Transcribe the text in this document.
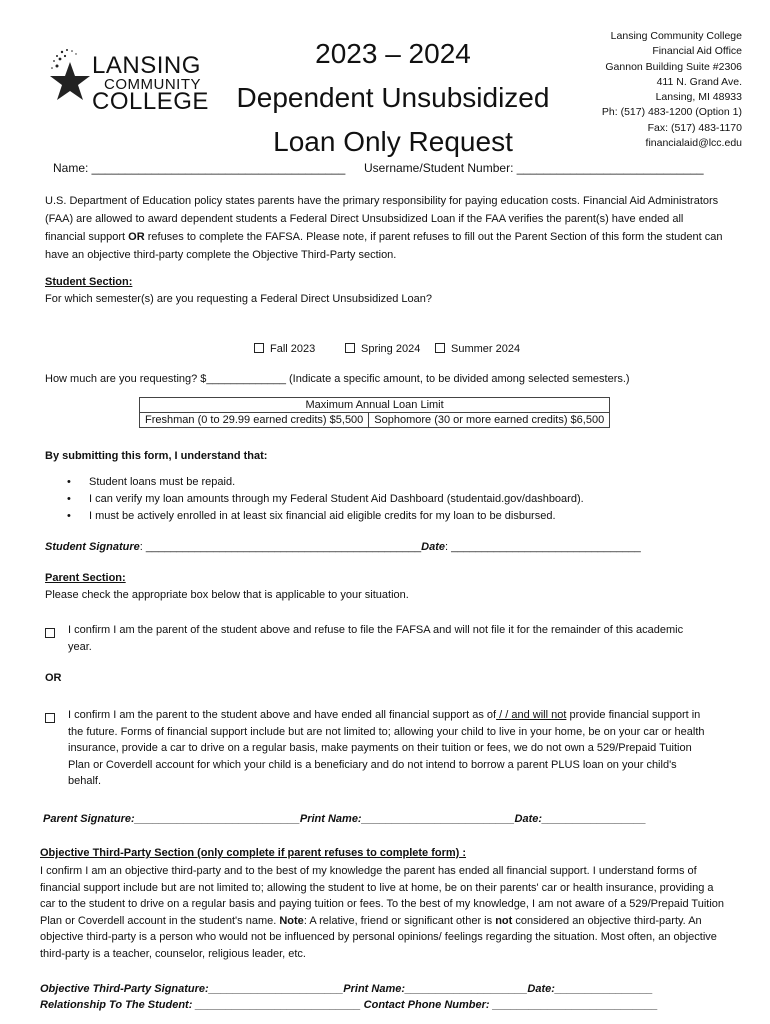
LANSING
COMMUNITY
COLLEGE
2023 – 2024
Dependent Unsubsidized
Loan Only Request
Lansing Community College
Financial Aid Office
Gannon Building Suite #2306
411 N. Grand Ave.
Lansing, MI 48933
Ph: (517) 483-1200 (Option 1)
Fax: (517) 483-1170
financialaid@lcc.edu
Name: ______________________________________ Username/Student Number: ____________________________
U.S. Department of Education policy states parents have the primary responsibility for paying education costs. Financial Aid Administrators (FAA) are allowed to award dependent students a Federal Direct Unsubsidized Loan if the FAA verifies the parent(s) have ended all financial support OR refuses to complete the FAFSA. Please note, if parent refuses to fill out the Parent Section of this form the student can have an objective third-party complete the Objective Third-Party section.
Student Section:
For which semester(s) are you requesting a Federal Direct Unsubsidized Loan?
Fall 2023	Spring 2024	Summer 2024
How much are you requesting? $_____________ (Indicate a specific amount, to be divided among selected semesters.)
Maximum Annual Loan Limit
Freshman (0 to 29.99 earned credits) $5,500	Sophomore (30 or more earned credits) $6,500
By submitting this form, I understand that:
• Student loans must be repaid.
• I can verify my loan amounts through my Federal Student Aid Dashboard (studentaid.gov/dashboard).
• I must be actively enrolled in at least six financial aid eligible credits for my loan to be disbursed.
Student Signature: _____________________________________________Date: _______________________________
Parent Section:
Please check the appropriate box below that is applicable to your situation.
I confirm I am the parent of the student above and refuse to file the FAFSA and will not file it for the remainder of this academic year.
OR
I confirm I am the parent to the student above and have ended all financial support as of / / and will not provide financial support in the future. Forms of financial support include but are not limited to; allowing your child to live in your home, be on your car or health insurance, provide a car to drive on a regular basis, make payments on their tuition or fees, we do not own a 529/Prepaid Tuition Plan or Coverdell account for which your child is a beneficiary and do not intend to borrow a parent PLUS loan on your child's behalf.
Parent Signature:___________________________Print Name:_________________________Date:_________________
Objective Third-Party Section (only complete if parent refuses to complete form) :
I confirm I am an objective third-party and to the best of my knowledge the parent has ended all financial support. I understand forms of financial support include but are not limited to; allowing the student to live at home, be on their parents' car or health insurance, providing a car to the student to drive on a regular basis and paying tuition or fees. To the best of my knowledge, I am not aware of a 529/Prepaid Tuition Plan or Coverdell account in the student's name. Note: A relative, friend or significant other is not considered an objective third-party. An objective third-party is a person who would not be influenced by personal opinions/ feelings regarding the situation. Most often, an objective third-party is a teacher, counselor, religious leader, etc.
Objective Third-Party Signature:______________________Print Name:____________________Date:________________
Relationship To The Student: ___________________________ Contact Phone Number: ___________________________
